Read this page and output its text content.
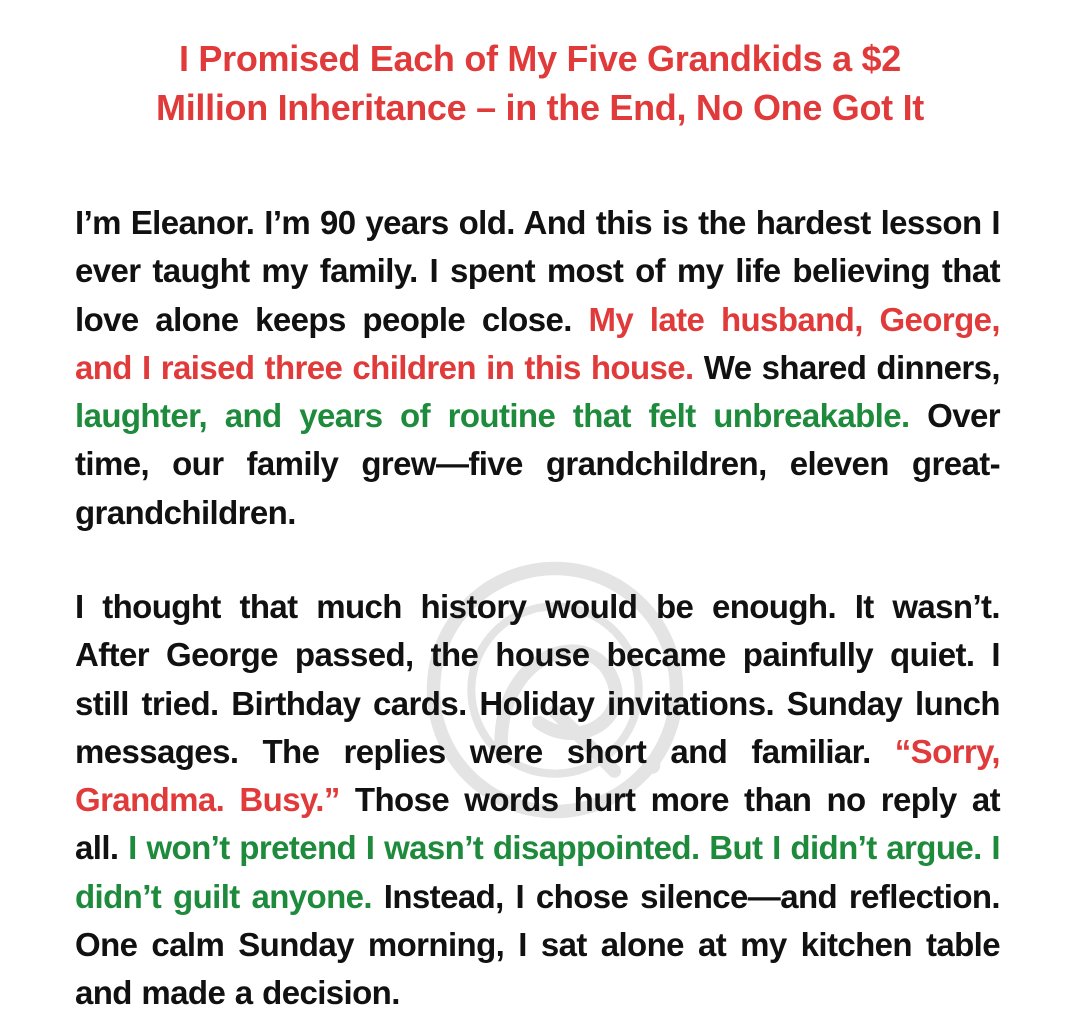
I Promised Each of My Five Grandkids a $2 Million Inheritance – in the End, No One Got It

I’m Eleanor. I’m 90 years old. And this is the hardest lesson I ever taught my family. I spent most of my life believing that love alone keeps people close. My late husband, George, and I raised three children in this house. We shared dinners, laughter, and years of routine that felt unbreakable. Over time, our family grew—five grandchildren, eleven great-grandchildren.

I thought that much history would be enough. It wasn’t. After George passed, the house became painfully quiet. I still tried. Birthday cards. Holiday invitations. Sunday lunch messages. The replies were short and familiar. “Sorry, Grandma. Busy.” Those words hurt more than no reply at all. I won’t pretend I wasn’t disappointed. But I didn’t argue. I didn’t guilt anyone. Instead, I chose silence—and reflection. One calm Sunday morning, I sat alone at my kitchen table and made a decision.
